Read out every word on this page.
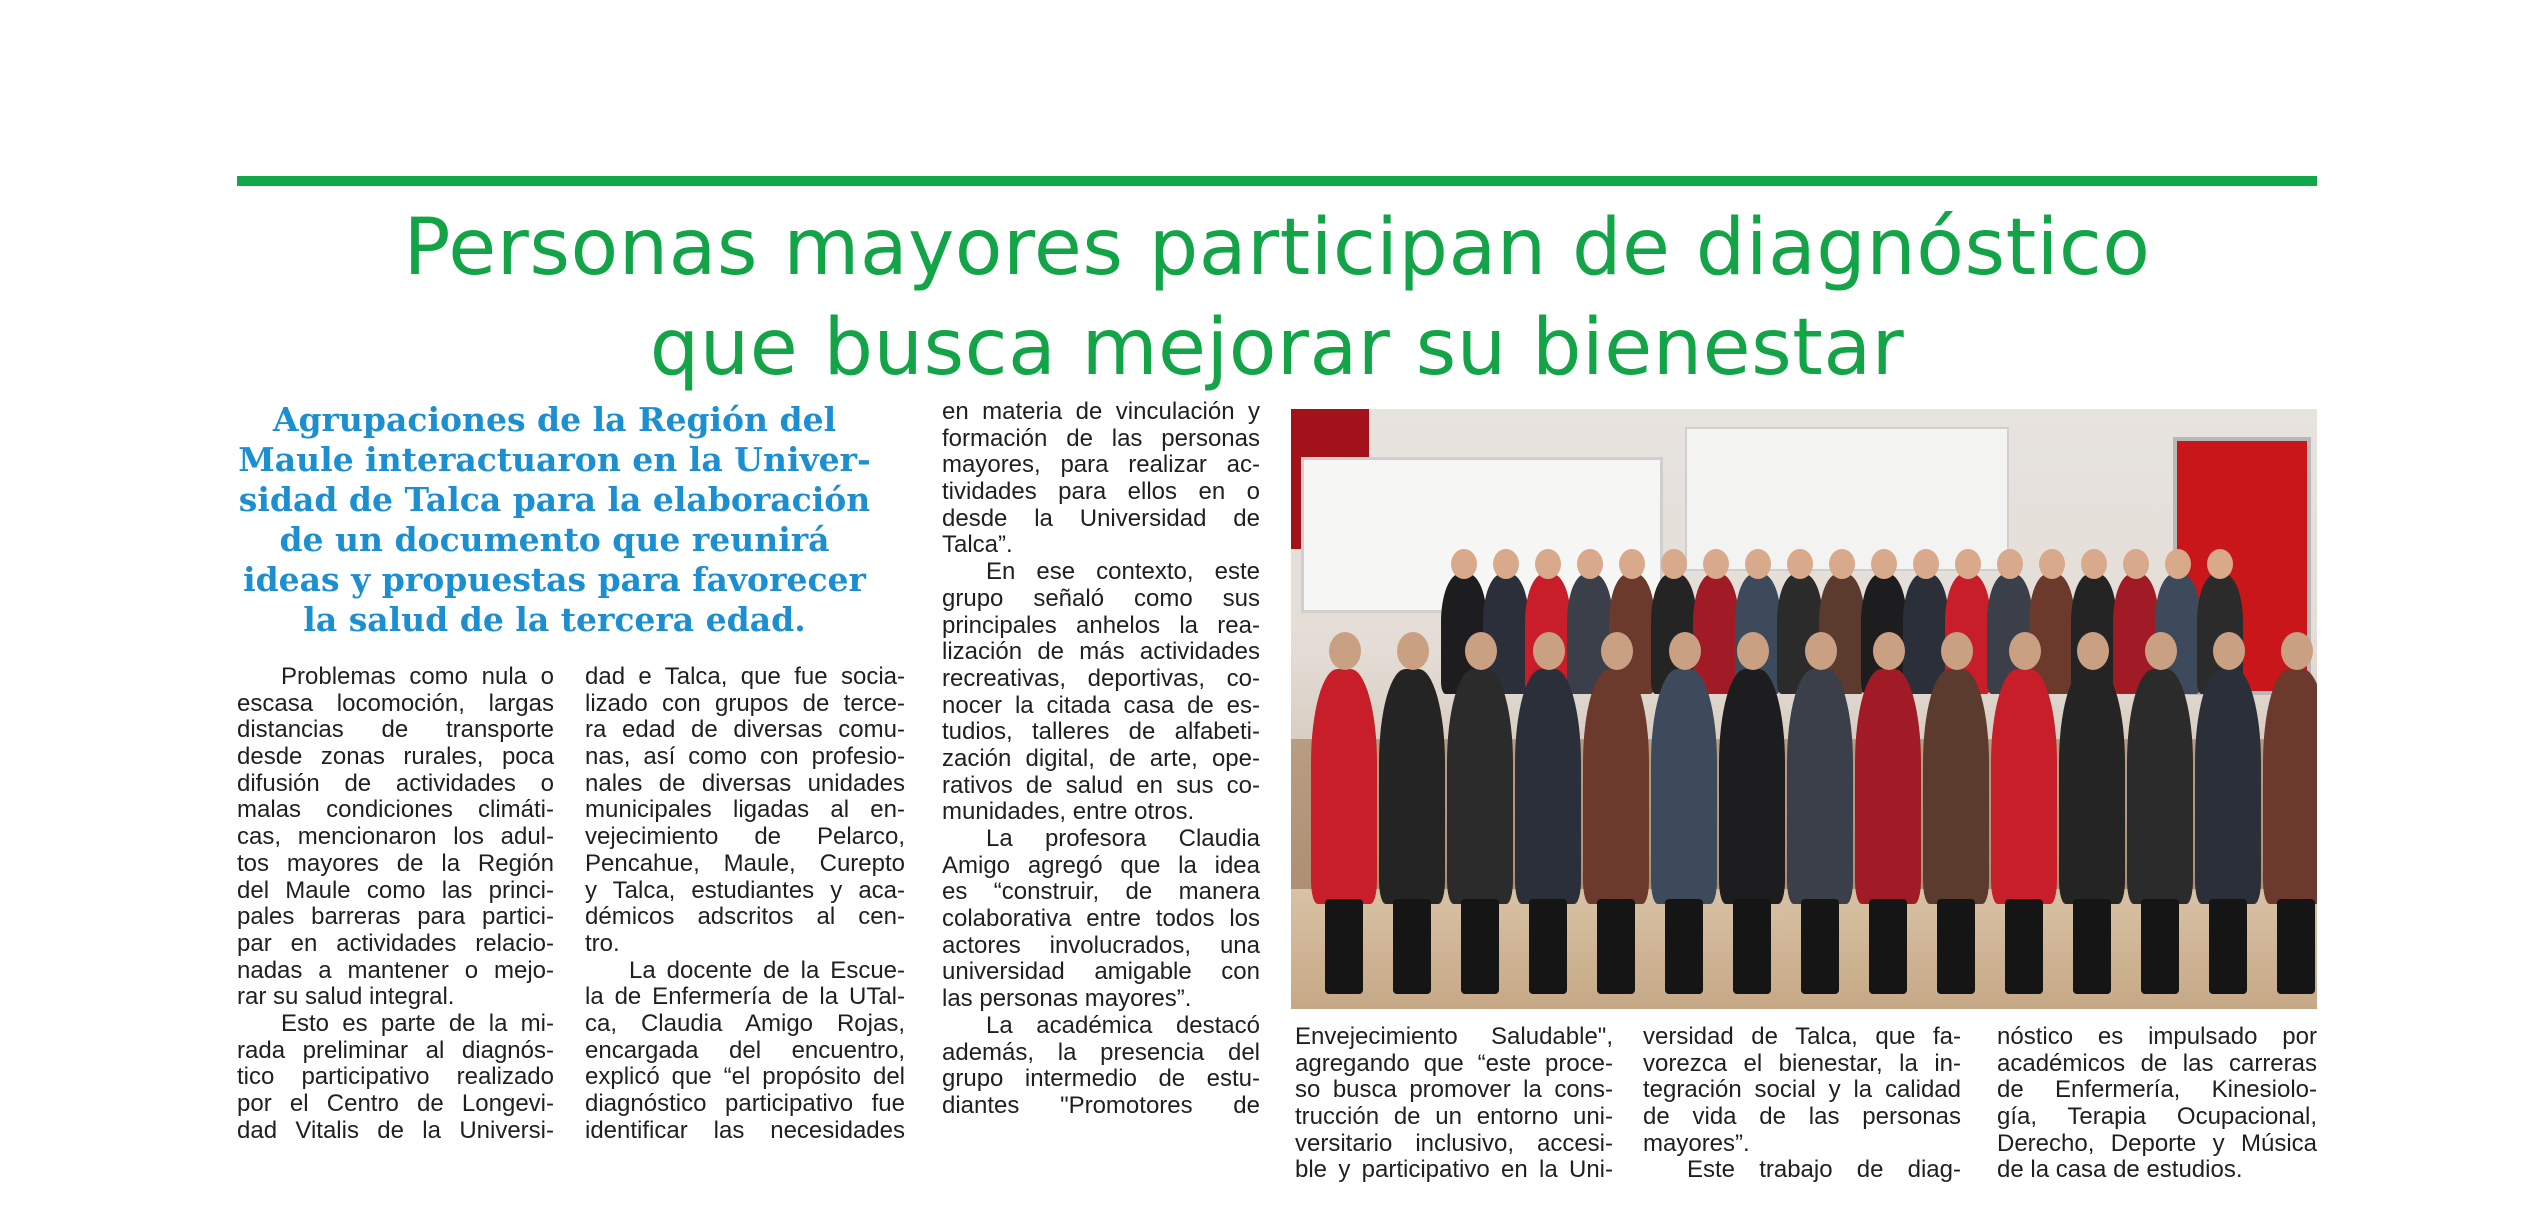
Personas mayores participan de diagnóstico
que busca mejorar su bienestar
Agrupaciones de la Región del
Maule interactuaron en la Univer-
sidad de Talca para la elaboración
de un documento que reunirá
ideas y propuestas para favorecer
la salud de la tercera edad.
Problemas como nula o
escasa locomoción, largas
distancias de transporte
desde zonas rurales, poca
difusión de actividades o
malas condiciones climáti-
cas, mencionaron los adul-
tos mayores de la Región
del Maule como las princi-
pales barreras para partici-
par en actividades relacio-
nadas a mantener o mejo-
rar su salud integral.
Esto es parte de la mi-
rada preliminar al diagnós-
tico participativo realizado
por el Centro de Longevi-
dad Vitalis de la Universi-
dad e Talca, que fue socia-
lizado con grupos de terce-
ra edad de diversas comu-
nas, así como con profesio-
nales de diversas unidades
municipales ligadas al en-
vejecimiento de Pelarco,
Pencahue, Maule, Curepto
y Talca, estudiantes y aca-
démicos adscritos al cen-
tro.
La docente de la Escue-
la de Enfermería de la UTal-
ca, Claudia Amigo Rojas,
encargada del encuentro,
explicó que “el propósito del
diagnóstico participativo fue
identificar las necesidades
en materia de vinculación y
formación de las personas
mayores, para realizar ac-
tividades para ellos en o
desde la Universidad de
Talca”.
En ese contexto, este
grupo señaló como sus
principales anhelos la rea-
lización de más actividades
recreativas, deportivas, co-
nocer la citada casa de es-
tudios, talleres de alfabeti-
zación digital, de arte, ope-
rativos de salud en sus co-
munidades, entre otros.
La profesora Claudia
Amigo agregó que la idea
es “construir, de manera
colaborativa entre todos los
actores involucrados, una
universidad amigable con
las personas mayores”.
La académica destacó
además, la presencia del
grupo intermedio de estu-
diantes "Promotores de
Envejecimiento Saludable",
agregando que “este proce-
so busca promover la cons-
trucción de un entorno uni-
versitario inclusivo, accesi-
ble y participativo en la Uni-
versidad de Talca, que fa-
vorezca el bienestar, la in-
tegración social y la calidad
de vida de las personas
mayores”.
Este trabajo de diag-
nóstico es impulsado por
académicos de las carreras
de Enfermería, Kinesiolo-
gía, Terapia Ocupacional,
Derecho, Deporte y Música
de la casa de estudios.
